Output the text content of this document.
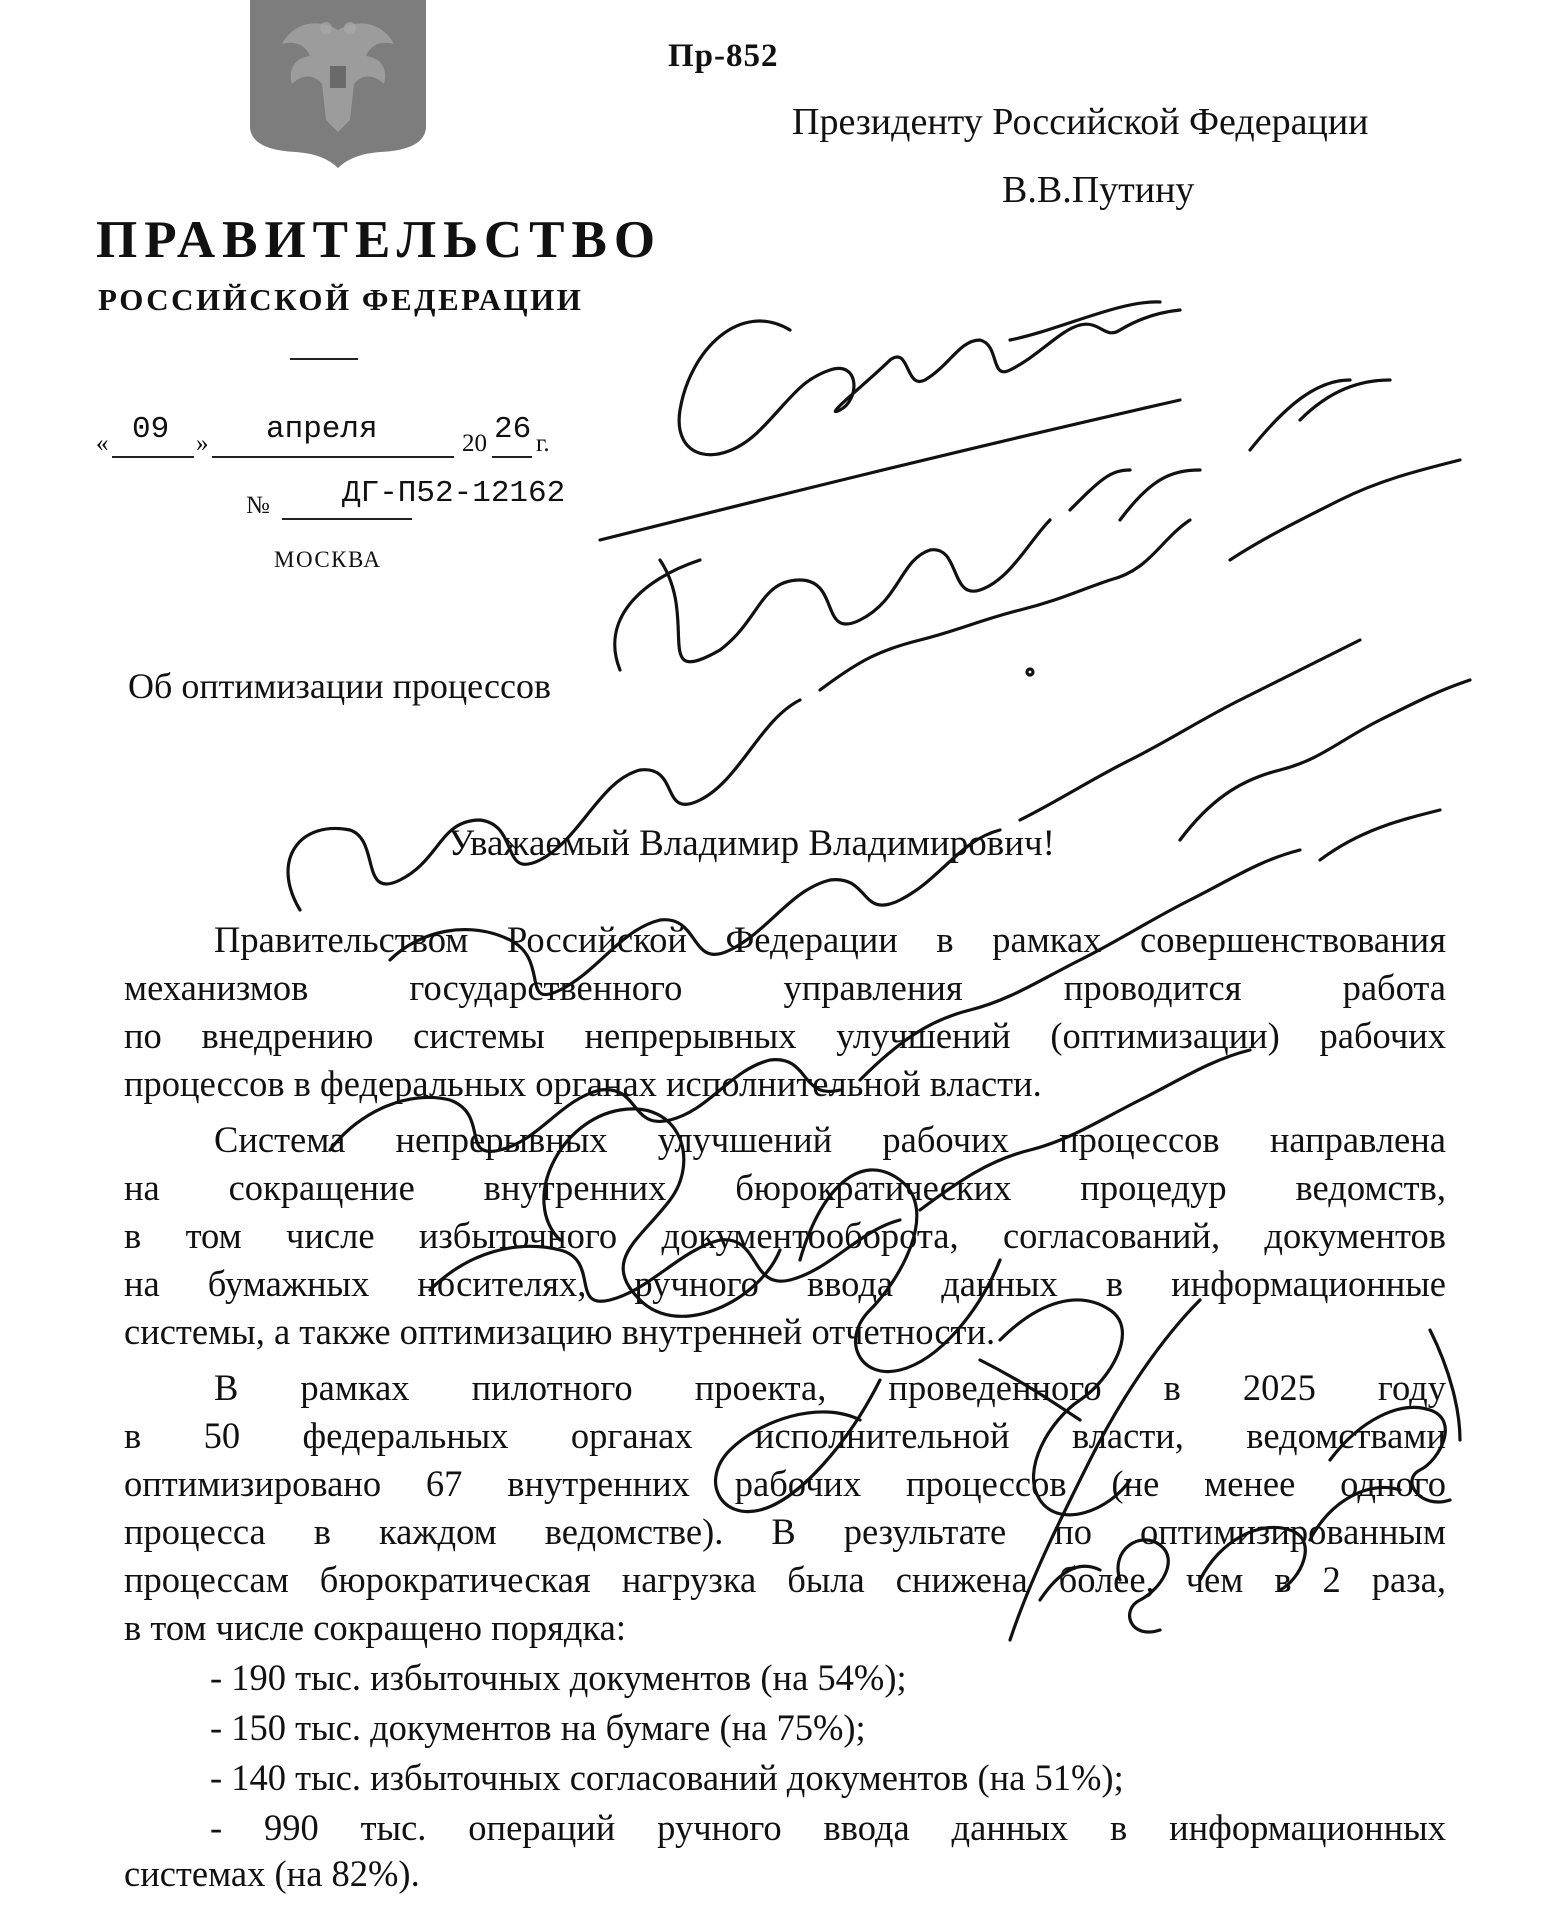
Пр-852
Президенту Российской Федерации
В.В.Путину
ПРАВИТЕЛЬСТВО
РОССИЙСКОЙ ФЕДЕРАЦИИ
« 09 » апреля	20 26 г.
№ ДГ-П52-12162
МОСКВА
Об оптимизации процессов
Уважаемый Владимир Владимирович!
Правительством Российской Федерации в рамках совершенствования
механизмов государственного управления проводится работа
по внедрению системы непрерывных улучшений (оптимизации) рабочих
процессов в федеральных органах исполнительной власти.
Система непрерывных улучшений рабочих процессов направлена
на сокращение внутренних бюрократических процедур ведомств,
в том числе избыточного документооборота, согласований, документов
на бумажных носителях, ручного ввода данных в информационные
системы, а также оптимизацию внутренней отчетности.
В рамках пилотного проекта, проведенного в 2025 году
в 50 федеральных органах исполнительной власти, ведомствами
оптимизировано 67 внутренних рабочих процессов (не менее одного
процесса в каждом ведомстве). В результате по оптимизированным
процессам бюрократическая нагрузка была снижена более, чем в 2 раза,
в том числе сокращено порядка:
- 190 тыс. избыточных документов (на 54%);
- 150 тыс. документов на бумаге (на 75%);
- 140 тыс. избыточных согласований документов (на 51%);
- 990 тыс. операций ручного ввода данных в информационных
системах (на 82%).
